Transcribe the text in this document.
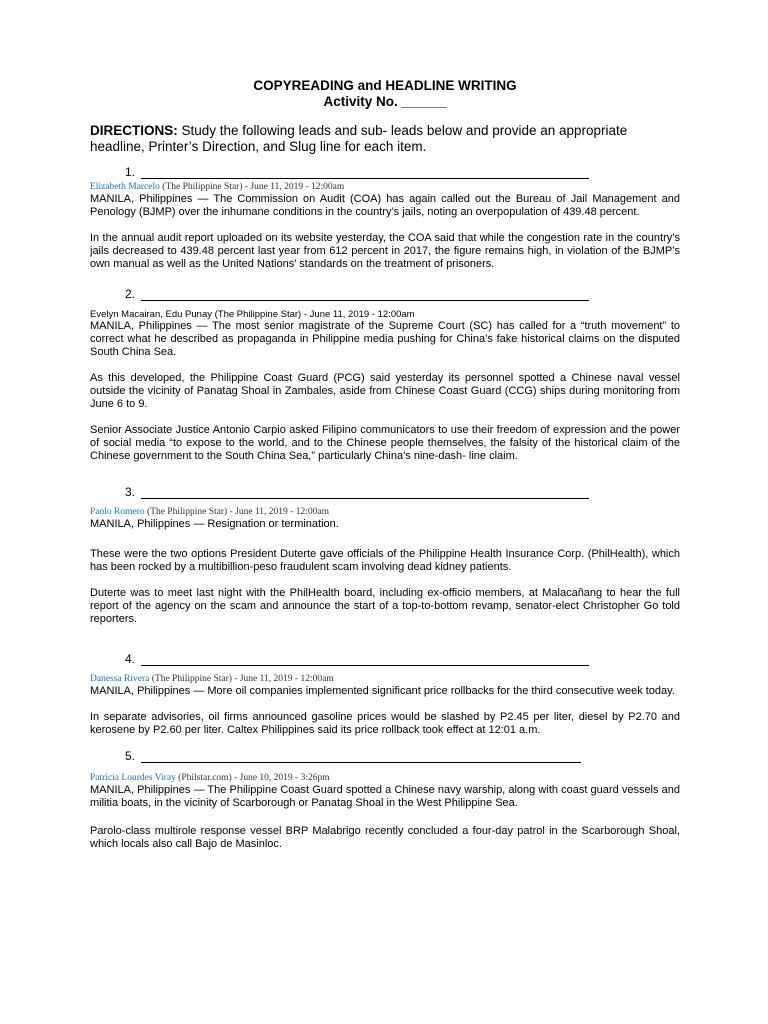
COPYREADING and HEADLINE WRITING

Activity No. ______

DIRECTIONS: Study the following leads and sub- leads below and provide an appropriate headline, Printer’s Direction, and Slug line for each item.
1.
Elizabeth Marcelo (The Philippine Star) - June 11, 2019 - 12:00am

MANILA, Philippines — The Commission on Audit (COA) has again called out the Bureau of Jail Management and Penology (BJMP) over the inhumane conditions in the country’s jails, noting an overpopulation of 439.48 percent.

In the annual audit report uploaded on its website yesterday, the COA said that while the congestion rate in the country’s jails decreased to 439.48 percent last year from 612 percent in 2017, the figure remains high, in violation of the BJMP’s own manual as well as the United Nations’ standards on the treatment of prisoners.

2.
Evelyn Macairan, Edu Punay (The Philippine Star) - June 11, 2019 - 12:00am

MANILA, Philippines — The most senior magistrate of the Supreme Court (SC) has called for a “truth movement” to correct what he described as propaganda in Philippine media pushing for China’s fake historical claims on the disputed South China Sea.

As this developed, the Philippine Coast Guard (PCG) said yesterday its personnel spotted a Chinese naval vessel outside the vicinity of Panatag Shoal in Zambales, aside from Chinese Coast Guard (CCG) ships during monitoring from June 6 to 9.

Senior Associate Justice Antonio Carpio asked Filipino communicators to use their freedom of expression and the power of social media “to expose to the world, and to the Chinese people themselves, the falsity of the historical claim of the Chinese government to the South China Sea,” particularly China’s nine-dash- line claim.

3.
Paolo Romero (The Philippine Star) - June 11, 2019 - 12:00am

MANILA, Philippines — Resignation or termination.

These were the two options President Duterte gave officials of the Philippine Health Insurance Corp. (PhilHealth), which has been rocked by a multibillion-peso fraudulent scam involving dead kidney patients.

Duterte was to meet last night with the PhilHealth board, including ex-officio members, at Malacañang to hear the full report of the agency on the scam and announce the start of a top-to-bottom revamp, senator-elect Christopher Go told reporters.

4.
Danessa Rivera (The Philippine Star) - June 11, 2019 - 12:00am

MANILA, Philippines — More oil companies implemented significant price rollbacks for the third consecutive week today.

In separate advisories, oil firms announced gasoline prices would be slashed by P2.45 per liter, diesel by P2.70 and kerosene by P2.60 per liter. Caltex Philippines said its price rollback took effect at 12:01 a.m.

5.
Patricia Lourdes Viray (Philstar.com) - June 10, 2019 - 3:26pm

MANILA, Philippines — The Philippine Coast Guard spotted a Chinese navy warship, along with coast guard vessels and militia boats, in the vicinity of Scarborough or Panatag Shoal in the West Philippine Sea.

Parolo-class multirole response vessel BRP Malabrigo recently concluded a four-day patrol in the Scarborough Shoal, which locals also call Bajo de Masinloc.
